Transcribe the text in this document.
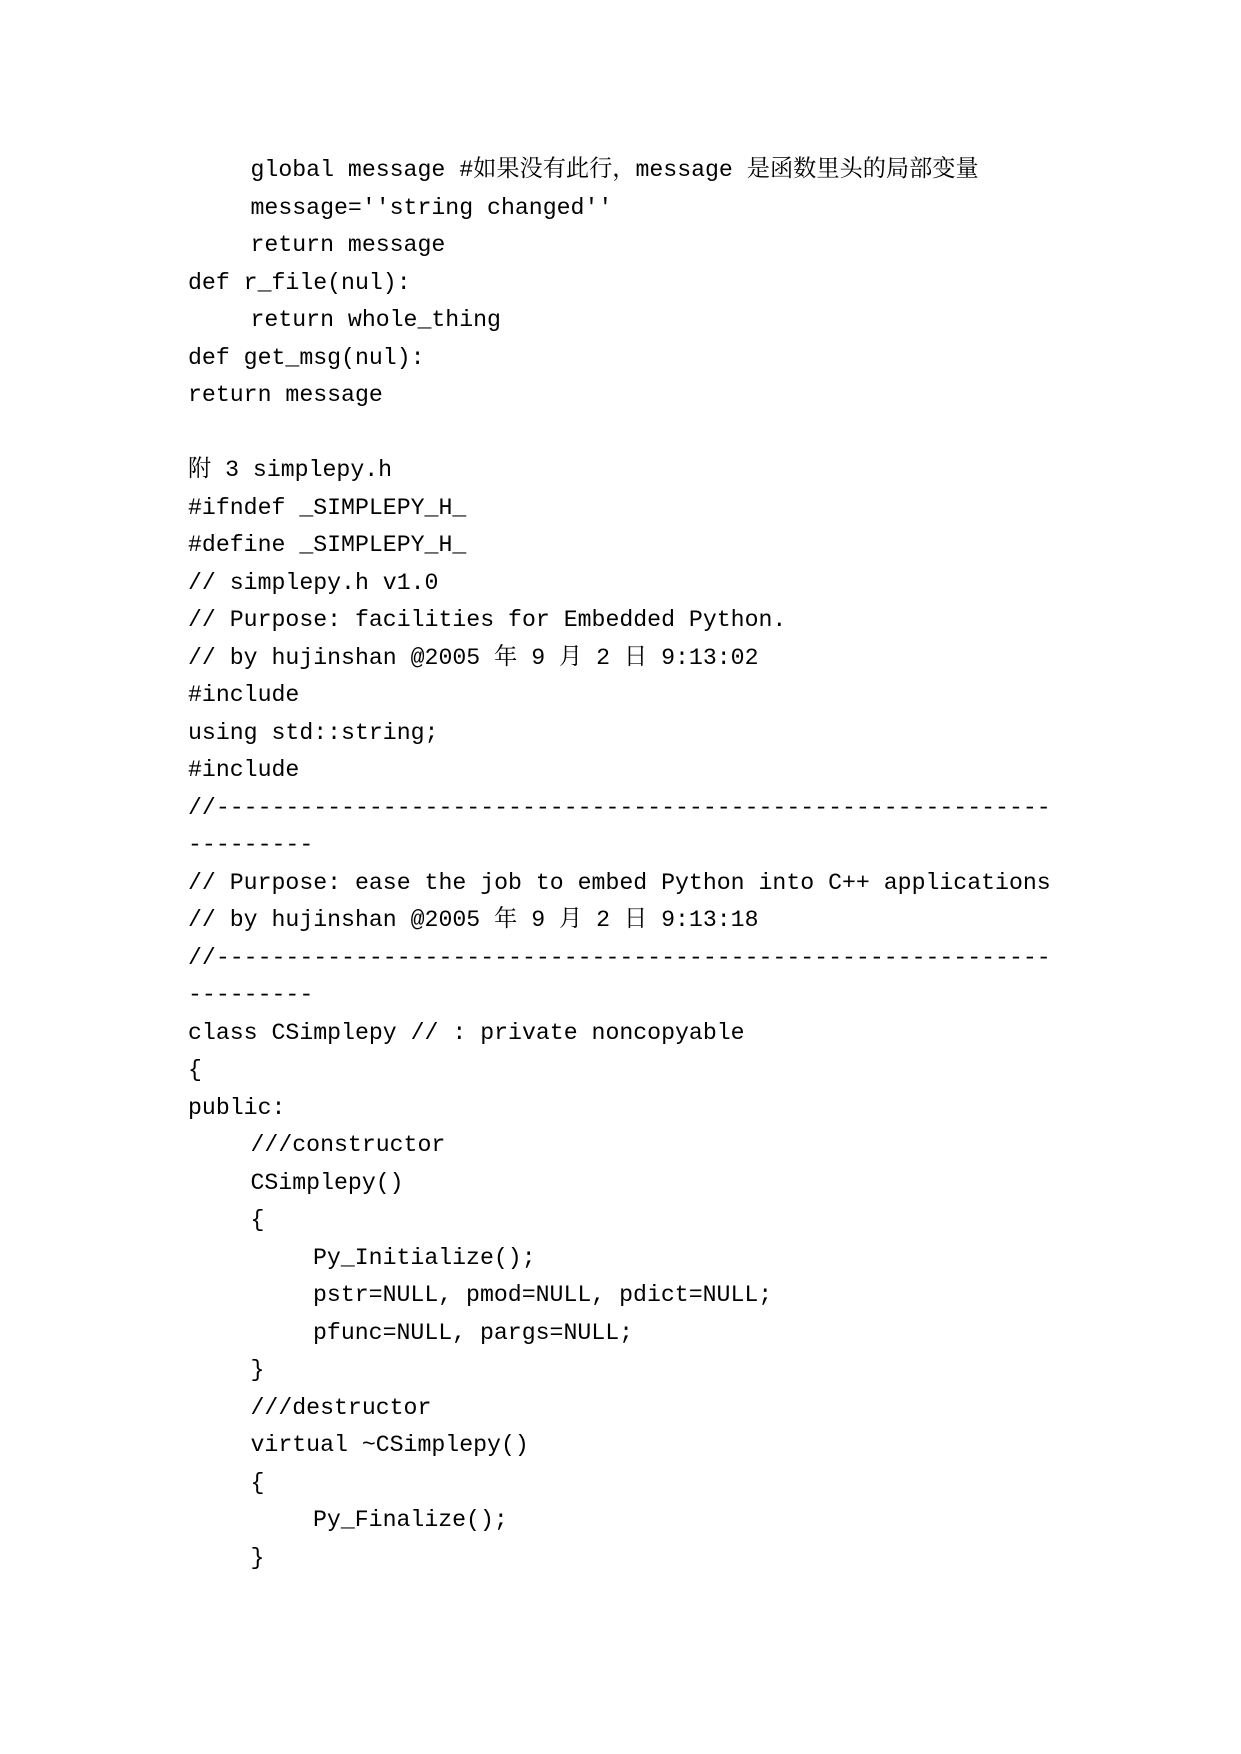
global message #如果没有此行，message 是函数里头的局部变量
message=''string changed''
return message
def r_file(nul):
return whole_thing
def get_msg(nul):
return message
附 3 simplepy.h
#ifndef _SIMPLEPY_H_
#define _SIMPLEPY_H_
// simplepy.h v1.0
// Purpose: facilities for Embedded Python.
// by hujinshan @2005 年 9 月 2 日 9:13:02
#include
using std::string;
#include
//------------------------------------------------------------
---------
// Purpose: ease the job to embed Python into C++ applications
// by hujinshan @2005 年 9 月 2 日 9:13:18
//------------------------------------------------------------
---------
class CSimplepy // : private noncopyable
{
public:
///constructor
CSimplepy()
{
Py_Initialize();
pstr=NULL, pmod=NULL, pdict=NULL;
pfunc=NULL, pargs=NULL;
}
///destructor
virtual ~CSimplepy()
{
Py_Finalize();
}
